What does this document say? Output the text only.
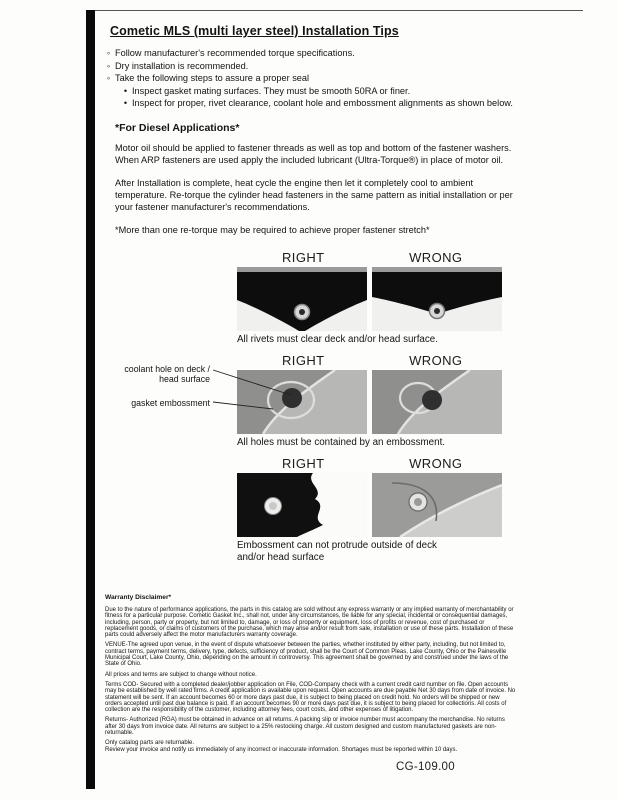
Cometic MLS (multi layer steel) Installation Tips
◦ Follow manufacturer's recommended torque specifications.
◦ Dry installation is recommended.
◦ Take the following steps to assure a proper seal
• Inspect gasket mating surfaces. They must be smooth 50RA or finer.
• Inspect for proper, rivet clearance, coolant hole and embossment alignments as shown below.
*For Diesel Applications*

Motor oil should be applied to fastener threads as well as top and bottom of the fastener washers. When ARP fasteners are used apply the included lubricant (Ultra-Torque®) in place of motor oil.

After Installation is complete, heat cycle the engine then let it completely cool to ambient temperature. Re-torque the cylinder head fasteners in the same pattern as initial installation or per your fastener manufacturer's recommendations.

*More than one re-torque may be required to achieve proper fastener stretch*

RIGHT	WRONG
All rivets must clear deck and/or head surface.
coolant hole on deck / head surface
gasket embossment
RIGHT	WRONG
All holes must be contained by an embossment.
RIGHT	WRONG
Embossment can not protrude outside of deck and/or head surface
Warranty Disclaimer*

Due to the nature of performance applications, the parts in this catalog are sold without any express warranty or any implied warranty of merchantability or fitness for a particular purpose. Cometic Gasket Inc., shall not, under any circumstances, be liable for any special, incidental or consequential damages, including, person, party or property, but not limited to, damage, or loss of property or equipment, loss of profits or revenue, cost of purchased or replacement goods, or claims of customers of the purchase, which may arise and/or result from sale, installation or use of these parts. Installation of these parts could adversely affect the motor manufacturers warranty coverage.

VENUE-The agreed upon venue, in the event of dispute whatsoever between the parties, whether instituted by either party, including, but not limited to, contract terms, payment terms, delivery, type, defects, sufficiency of product, shall be the Court of Common Pleas, Lake County, Ohio or the Painesville Municipal Court, Lake County, Ohio, depending on the amount in controversy. This agreement shall be governed by and construed under the laws of the State of Ohio.

All prices and terms are subject to change without notice.

Terms COD- Secured with a completed dealer/jobber application on File, COD-Company check with a current credit card number on file. Open accounts may be established by well rated firms. A credit application is available upon request. Open accounts are due payable Net 30 days from date of invoice. No statement will be sent. If an account becomes 60 or more days past due, it is subject to being placed on credit hold. No orders will be shipped or new orders accepted until past due balance is paid. If an account becomes 90 or more days past due, it is subject to being placed for collections. All costs of collection are the responsibility of the customer, including attorney fees, court costs, and other expenses of litigation.

Returns- Authorized (RGA) must be obtained in advance on all returns. A packing slip or invoice number must accompany the merchandise. No returns after 30 days from invoice date. All returns are subject to a 25% restocking charge. All custom designed and custom manufactured gaskets are non-returnable.

Only catalog parts are returnable.

Review your invoice and notify us immediately of any incorrect or inaccurate information. Shortages must be reported within 10 days.

CG-109.00
